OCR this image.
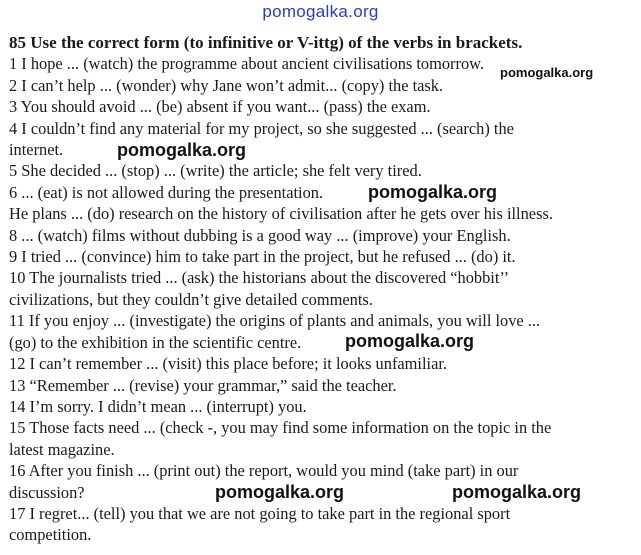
pomogalka.org
85 Use the correct form (to infinitive or V-ittg) of the verbs in brackets.
1 I hope ... (watch) the programme about ancient civilisations tomorrow.
2 I can’t help ... (wonder) why Jane won’t admit... (copy) the task.
3 You should avoid ... (be) absent if you want... (pass) the exam.
4 I couldn’t find any material for my project, so she suggested ... (search) the
internet.
5 She decided ... (stop) ... (write) the article; she felt very tired.
6 ... (eat) is not allowed during the presentation.
He plans ... (do) research on the history of civilisation after he gets over his illness.
8 ... (watch) films without dubbing is a good way ... (improve) your English.
9 I tried ... (convince) him to take part in the project, but he refused ... (do) it.
10 The journalists tried ... (ask) the historians about the discovered “hobbit’’
civilizations, but they couldn’t give detailed comments.
11 If you enjoy ... (investigate) the origins of plants and animals, you will love ...
(go) to the exhibition in the scientific centre.
12 I can’t remember ... (visit) this place before; it looks unfamiliar.
13 “Remember ... (revise) your grammar,” said the teacher.
14 I’m sorry. I didn’t mean ... (interrupt) you.
15 Those facts need ... (check -, you may find some information on the topic in the
latest magazine.
16 After you finish ... (print out) the report, would you mind (take part) in our
discussion?
17 I regret... (tell) you that we are not going to take part in the regional sport
competition.
pomogalka.org
pomogalka.org
pomogalka.org
pomogalka.org
pomogalka.org	pomogalka.org
